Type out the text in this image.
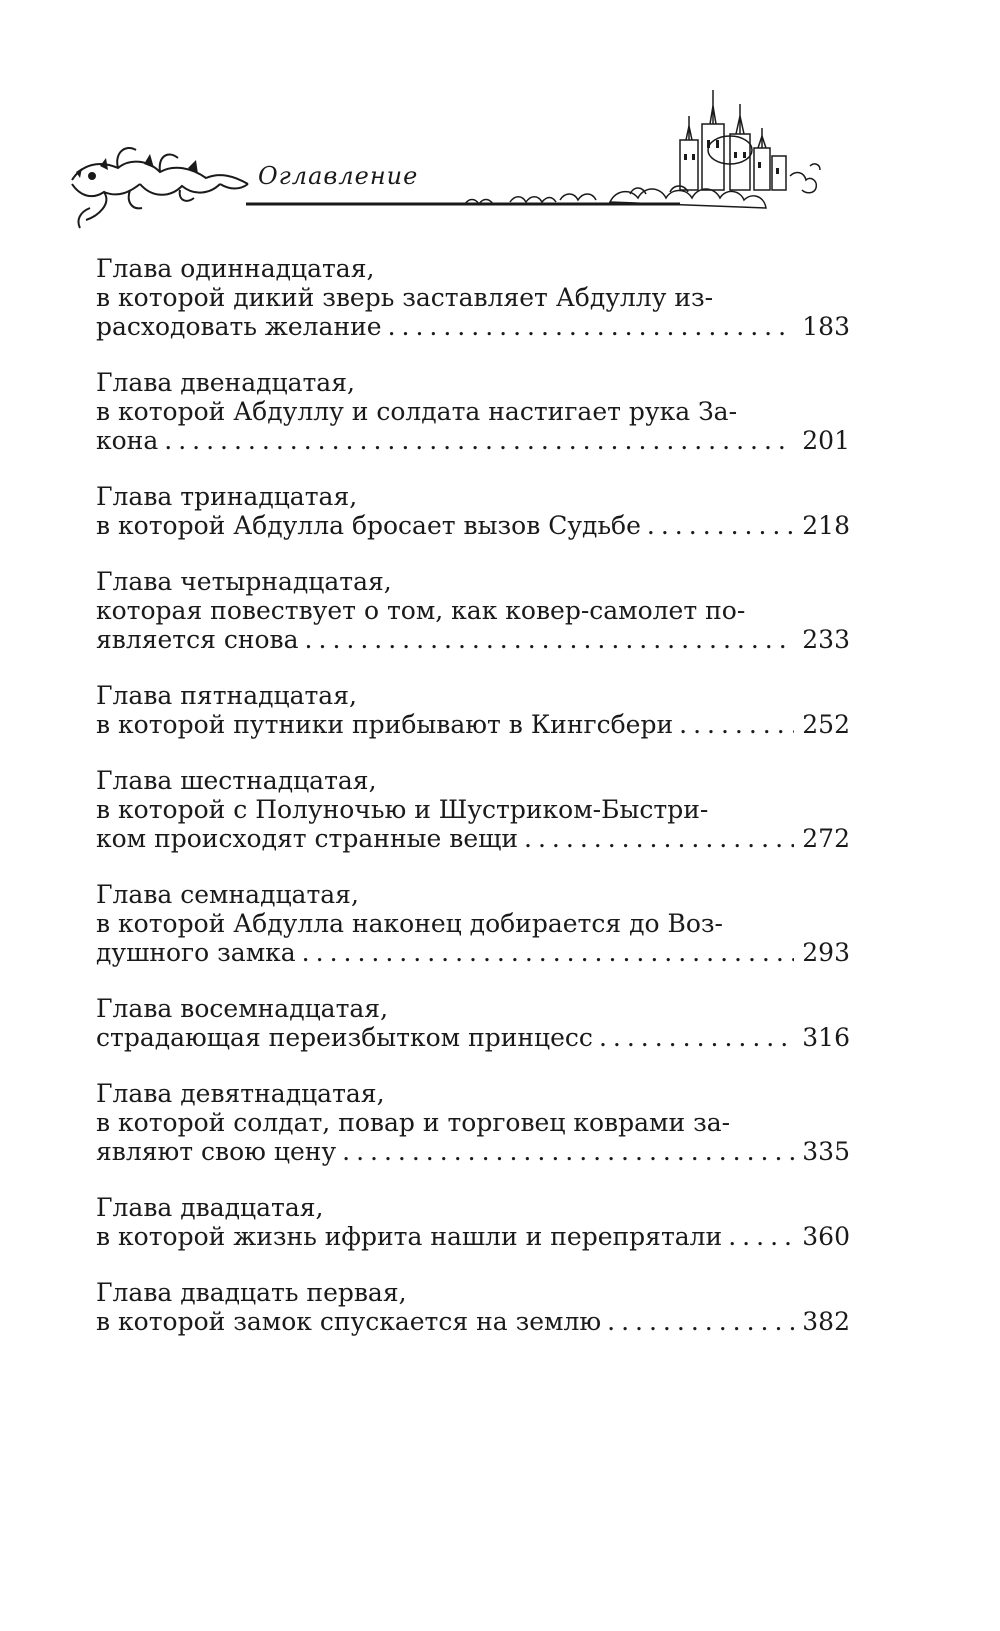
Оглавление
Глава одиннадцатая,
в которой дикий зверь заставляет Абдуллу из-
расходовать желание .....	183
Глава двенадцатая,
в которой Абдуллу и солдата настигает рука За-
кона .....	201
Глава тринадцатая,
в которой Абдулла бросает вызов Судьбе .....	218
Глава четырнадцатая,
которая повествует о том, как ковер-самолет по-
является снова .....	233
Глава пятнадцатая,
в которой путники прибывают в Кингсбери .....	252
Глава шестнадцатая,
в которой с Полуночью и Шустриком-Быстри-
ком происходят странные вещи .....	272
Глава семнадцатая,
в которой Абдулла наконец добирается до Воз-
душного замка .....	293
Глава восемнадцатая,
страдающая переизбытком принцесс .....	316
Глава девятнадцатая,
в которой солдат, повар и торговец коврами за-
являют свою цену .....	335
Глава двадцатая,
в которой жизнь ифрита нашли и перепрятали .....	360
Глава двадцать первая,
в которой замок спускается на землю .....	382
